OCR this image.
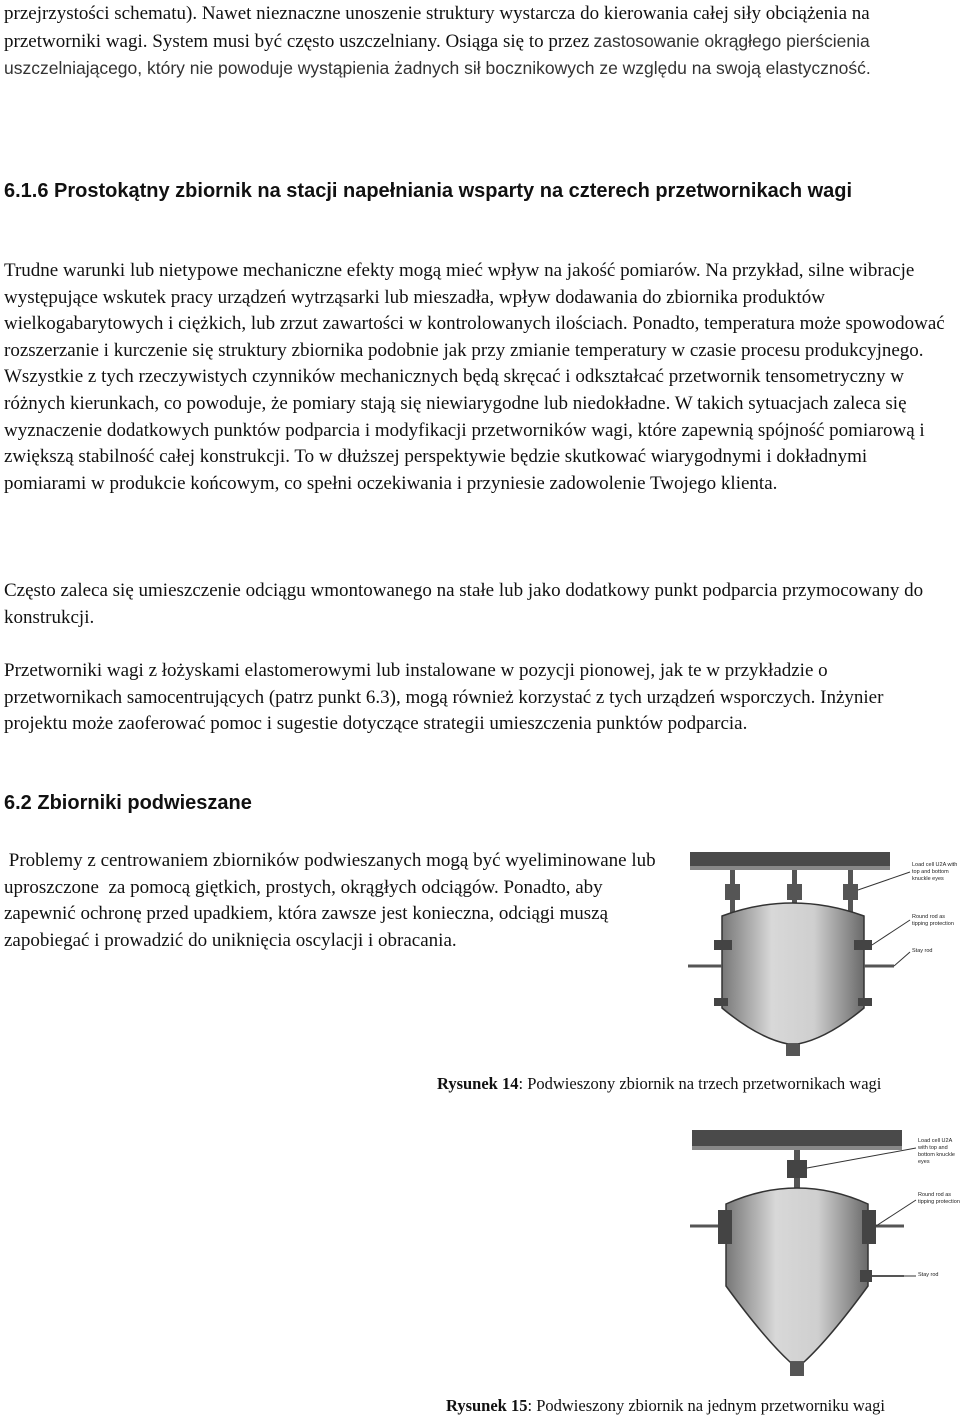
przejrzystości schematu). Nawet nieznaczne unoszenie struktury wystarcza do kierowania całej siły obciążenia na przetworniki wagi. System musi być często uszczelniany. Osiąga się to przez zastosowanie okrągłego pierścienia uszczelniającego, który nie powoduje wystąpienia żadnych sił bocznikowych ze względu na swoją elastyczność.

6.1.6 Prostokątny zbiornik na stacji napełniania wsparty na czterech przetwornikach wagi

Trudne warunki lub nietypowe mechaniczne efekty mogą mieć wpływ na jakość pomiarów. Na przykład, silne wibracje występujące wskutek pracy urządzeń wytrząsarki lub mieszadła, wpływ dodawania do zbiornika produktów wielkogabarytowych i ciężkich, lub zrzut zawartości w kontrolowanych ilościach. Ponadto, temperatura może spowodować rozszerzanie i kurczenie się struktury zbiornika podobnie jak przy zmianie temperatury w czasie procesu produkcyjnego. Wszystkie z tych rzeczywistych czynników mechanicznych będą skręcać i odkształcać przetwornik tensometryczny w różnych kierunkach, co powoduje, że pomiary stają się niewiarygodne lub niedokładne. W takich sytuacjach zaleca się wyznaczenie dodatkowych punktów podparcia i modyfikacji przetworników wagi, które zapewnią spójność pomiarową i zwiększą stabilność całej konstrukcji. To w dłuższej perspektywie będzie skutkować wiarygodnymi i dokładnymi pomiarami w produkcie końcowym, co spełni oczekiwania i przyniesie zadowolenie Twojego klienta.

Często zaleca się umieszczenie odciągu wmontowanego na stałe lub jako dodatkowy punkt podparcia przymocowany do konstrukcji.

Przetworniki wagi z łożyskami elastomerowymi lub instalowane w pozycji pionowej, jak te w przykładzie o przetwornikach samocentrujących (patrz punkt 6.3), mogą również korzystać z tych urządzeń wsporczych. Inżynier projektu może zaoferować pomoc i sugestie dotyczące strategii umieszczenia punktów podparcia.

6.2 Zbiorniki podwieszane

Problemy z centrowaniem zbiorników podwieszanych mogą być wyeliminowane lub uproszczone  za pomocą giętkich, prostych, okrągłych odciągów. Ponadto, aby zapewnić ochronę przed upadkiem, która zawsze jest konieczna, odciągi muszą zapobiegać i prowadzić do uniknięcia oscylacji i obracania.

Load cell U2A with top and bottom knuckle eyes
Round rod as tipping protection
Stay rod
Rysunek 14: Podwieszony zbiornik na trzech przetwornikach wagi
Load cell U2A with top and bottom knuckle eyes
Round rod as tipping protection
Stay rod
Rysunek 15: Podwieszony zbiornik na jednym przetworniku wagi
